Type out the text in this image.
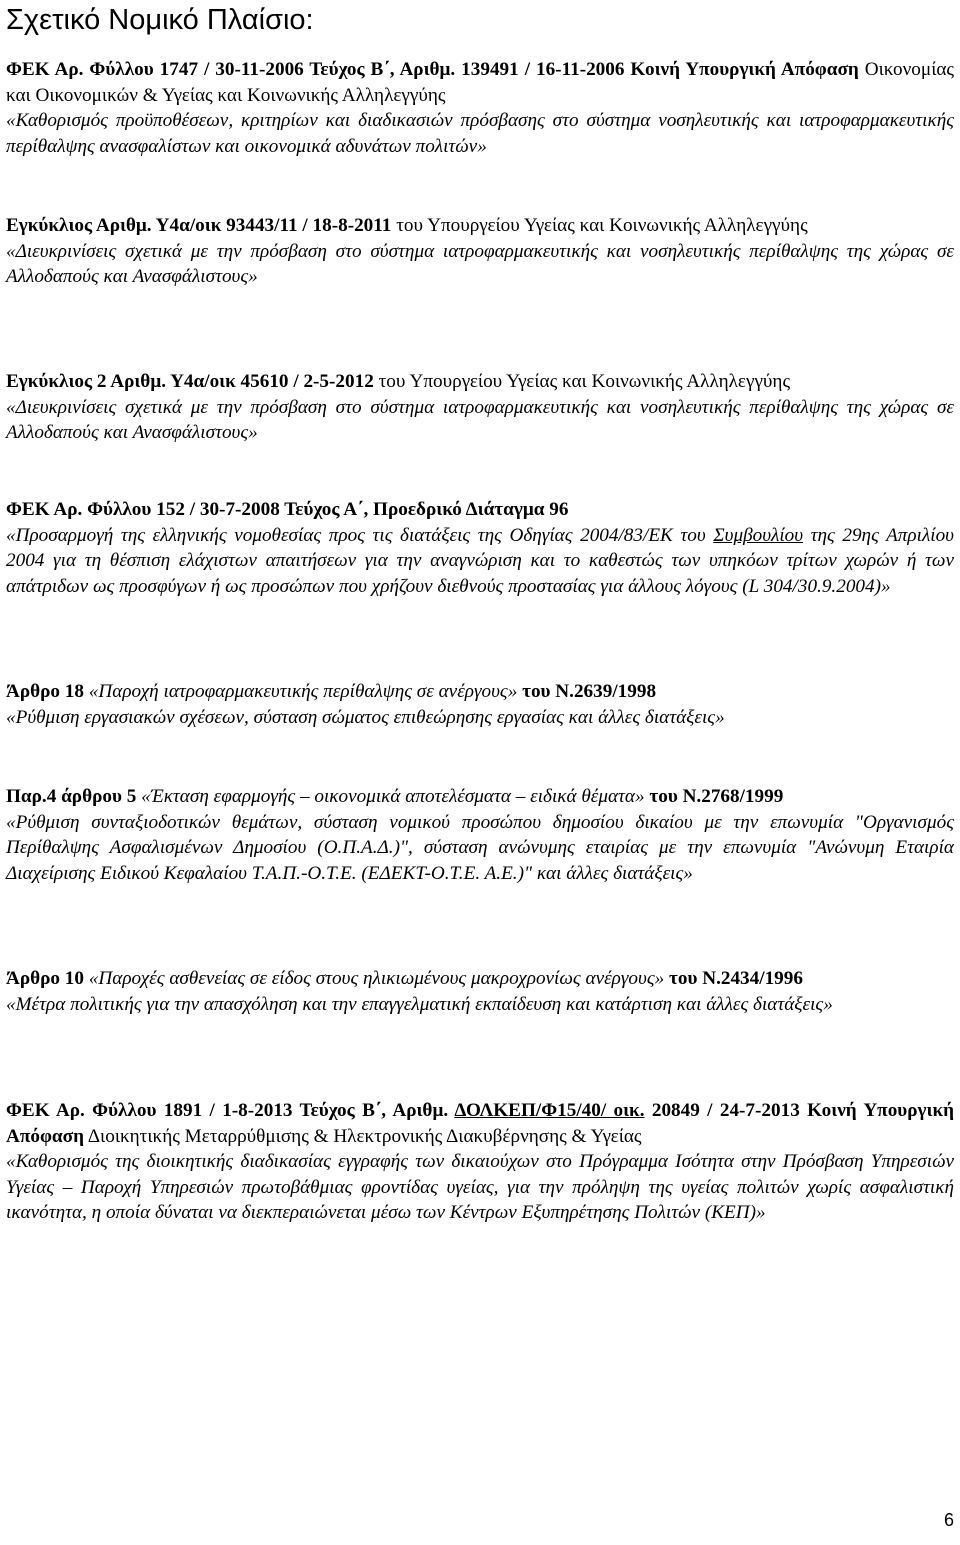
Σχετικό Νομικό Πλαίσιο:

ΦΕΚ Αρ. Φύλλου 1747 / 30-11-2006 Τεύχος Β΄, Αριθμ. 139491 / 16-11-2006 Κοινή Υπουργική Απόφαση Οικονομίας και Οικονομικών & Υγείας και Κοινωνικής Αλληλεγγύης

«Καθορισμός προϋποθέσεων, κριτηρίων και διαδικασιών πρόσβασης στο σύστημα νοσηλευτικής και ιατροφαρμακευτικής περίθαλψης ανασφαλίστων και οικονομικά αδυνάτων πολιτών»

Εγκύκλιος Αριθμ. Υ4α/οικ 93443/11 / 18-8-2011 του Υπουργείου Υγείας και Κοινωνικής Αλληλεγγύης

«Διευκρινίσεις σχετικά με την πρόσβαση στο σύστημα ιατροφαρμακευτικής και νοσηλευτικής περίθαλψης της χώρας σε Αλλοδαπούς και Ανασφάλιστους»

Εγκύκλιος 2 Αριθμ. Υ4α/οικ 45610 / 2-5-2012 του Υπουργείου Υγείας και Κοινωνικής Αλληλεγγύης

«Διευκρινίσεις σχετικά με την πρόσβαση στο σύστημα ιατροφαρμακευτικής και νοσηλευτικής περίθαλψης της χώρας σε Αλλοδαπούς και Ανασφάλιστους»

ΦΕΚ Αρ. Φύλλου 152 / 30-7-2008 Τεύχος Α΄, Προεδρικό Διάταγμα 96

«Προσαρμογή της ελληνικής νομοθεσίας προς τις διατάξεις της Οδηγίας 2004/83/ΕΚ του Συμβουλίου της 29ης Απριλίου 2004 για τη θέσπιση ελάχιστων απαιτήσεων για την αναγνώριση και το καθεστώς των υπηκόων τρίτων χωρών ή των απάτριδων ως προσφύγων ή ως προσώπων που χρήζουν διεθνούς προστασίας για άλλους λόγους (L 304/30.9.2004)»

Άρθρο 18 «Παροχή ιατροφαρμακευτικής περίθαλψης σε ανέργους» του Ν.2639/1998

«Ρύθμιση εργασιακών σχέσεων, σύσταση σώματος επιθεώρησης εργασίας και άλλες διατάξεις»

Παρ.4 άρθρου 5 «Έκταση εφαρμογής – οικονομικά αποτελέσματα – ειδικά θέματα» του Ν.2768/1999

«Ρύθμιση συνταξιοδοτικών θεμάτων, σύσταση νομικού προσώπου δημοσίου δικαίου με την επωνυμία "Οργανισμός Περίθαλψης Ασφαλισμένων Δημοσίου (Ο.Π.Α.Δ.)", σύσταση ανώνυμης εταιρίας με την επωνυμία "Ανώνυμη Εταιρία Διαχείρισης Ειδικού Κεφαλαίου Τ.Α.Π.-Ο.Τ.Ε. (ΕΔΕΚΤ-Ο.Τ.Ε. Α.Ε.)" και άλλες διατάξεις»

Άρθρο 10 «Παροχές ασθενείας σε είδος στους ηλικιωμένους μακροχρονίως ανέργους» του Ν.2434/1996

«Μέτρα πολιτικής για την απασχόληση και την επαγγελματική εκπαίδευση και κατάρτιση και άλλες διατάξεις»

ΦΕΚ Αρ. Φύλλου 1891 / 1-8-2013 Τεύχος Β΄, Αριθμ. ΔΟΛΚΕΠ/Φ15/40/ οικ. 20849 / 24-7-2013 Κοινή Υπουργική Απόφαση Διοικητικής Μεταρρύθμισης & Ηλεκτρονικής Διακυβέρνησης & Υγείας

«Καθορισμός της διοικητικής διαδικασίας εγγραφής των δικαιούχων στο Πρόγραμμα Ισότητα στην Πρόσβαση Υπηρεσιών Υγείας – Παροχή Υπηρεσιών πρωτοβάθμιας φροντίδας υγείας, για την πρόληψη της υγείας πολιτών χωρίς ασφαλιστική ικανότητα, η οποία δύναται να διεκπεραιώνεται μέσω των Κέντρων Εξυπηρέτησης Πολιτών (ΚΕΠ)»

6
